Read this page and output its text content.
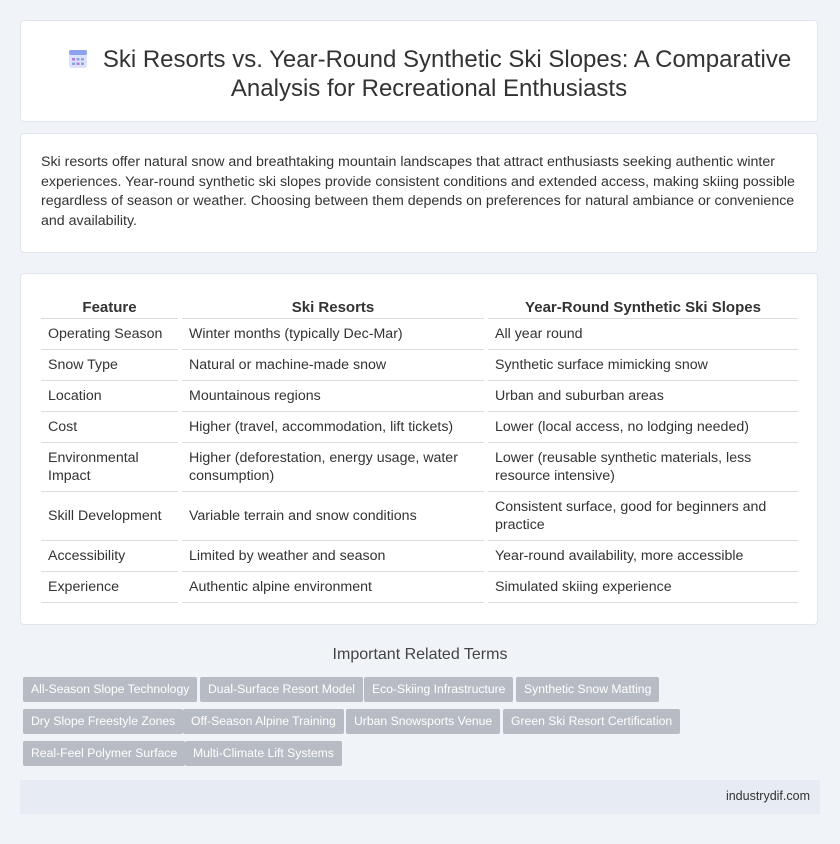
Ski Resorts vs. Year-Round Synthetic Ski Slopes: A Comparative
Analysis for Recreational Enthusiasts
Ski resorts offer natural snow and breathtaking mountain landscapes that attract enthusiasts seeking authentic winter experiences. Year-round synthetic ski slopes provide consistent conditions and extended access, making skiing possible regardless of season or weather. Choosing between them depends on preferences for natural ambiance or convenience and availability.
Feature	Ski Resorts	Year-Round Synthetic Ski Slopes
Operating Season	Winter months (typically Dec-Mar)	All year round
Snow Type	Natural or machine-made snow	Synthetic surface mimicking snow
Location	Mountainous regions	Urban and suburban areas
Cost	Higher (travel, accommodation, lift tickets)	Lower (local access, no lodging needed)
Environmental Impact	Higher (deforestation, energy usage, water consumption)	Lower (reusable synthetic materials, less resource intensive)
Skill Development	Variable terrain and snow conditions	Consistent surface, good for beginners and practice
Accessibility	Limited by weather and season	Year-round availability, more accessible
Experience	Authentic alpine environment	Simulated skiing experience
Important Related Terms
All-Season Slope Technology	Dual-Surface Resort Model	Eco-Skiing Infrastructure	Synthetic Snow Matting
Dry Slope Freestyle Zones	Off-Season Alpine Training	Urban Snowsports Venue	Green Ski Resort Certification
Real-Feel Polymer Surface	Multi-Climate Lift Systems
industrydif.com
